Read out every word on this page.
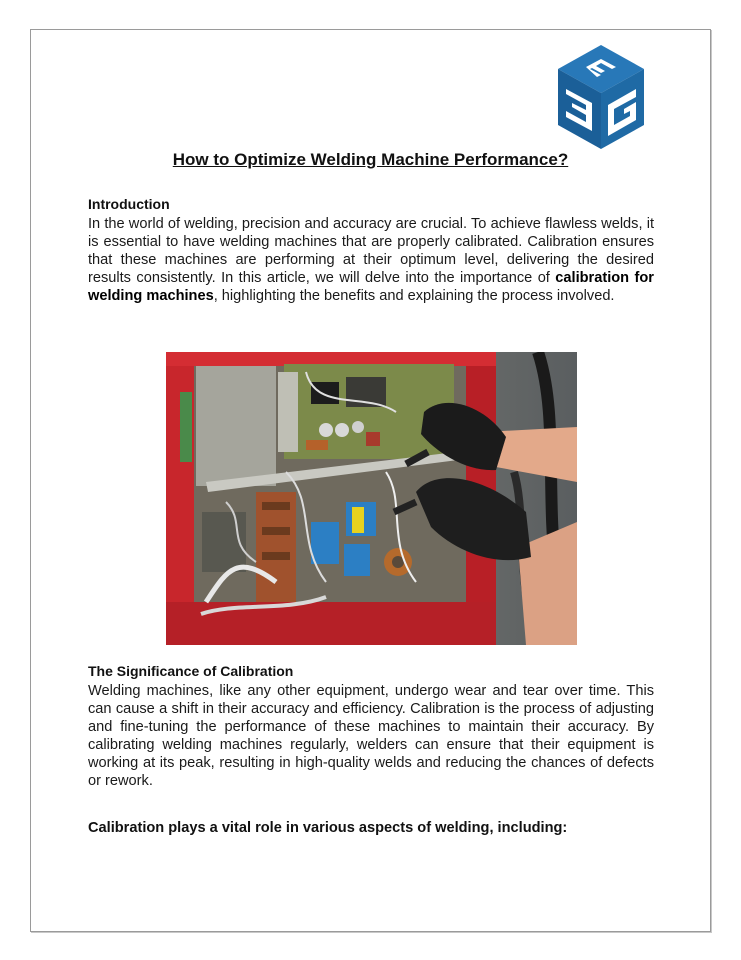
How to Optimize Welding Machine Performance?
Introduction
In the world of welding, precision and accuracy are crucial. To achieve flawless welds, it is essential to have welding machines that are properly calibrated. Calibration ensures that these machines are performing at their optimum level, delivering the desired results consistently. In this article, we will delve into the importance of calibration for welding machines, highlighting the benefits and explaining the process involved.
The Significance of Calibration
Welding machines, like any other equipment, undergo wear and tear over time. This can cause a shift in their accuracy and efficiency. Calibration is the process of adjusting and fine-tuning the performance of these machines to maintain their accuracy. By calibrating welding machines regularly, welders can ensure that their equipment is working at its peak, resulting in high-quality welds and reducing the chances of defects or rework.
Calibration plays a vital role in various aspects of welding, including:
